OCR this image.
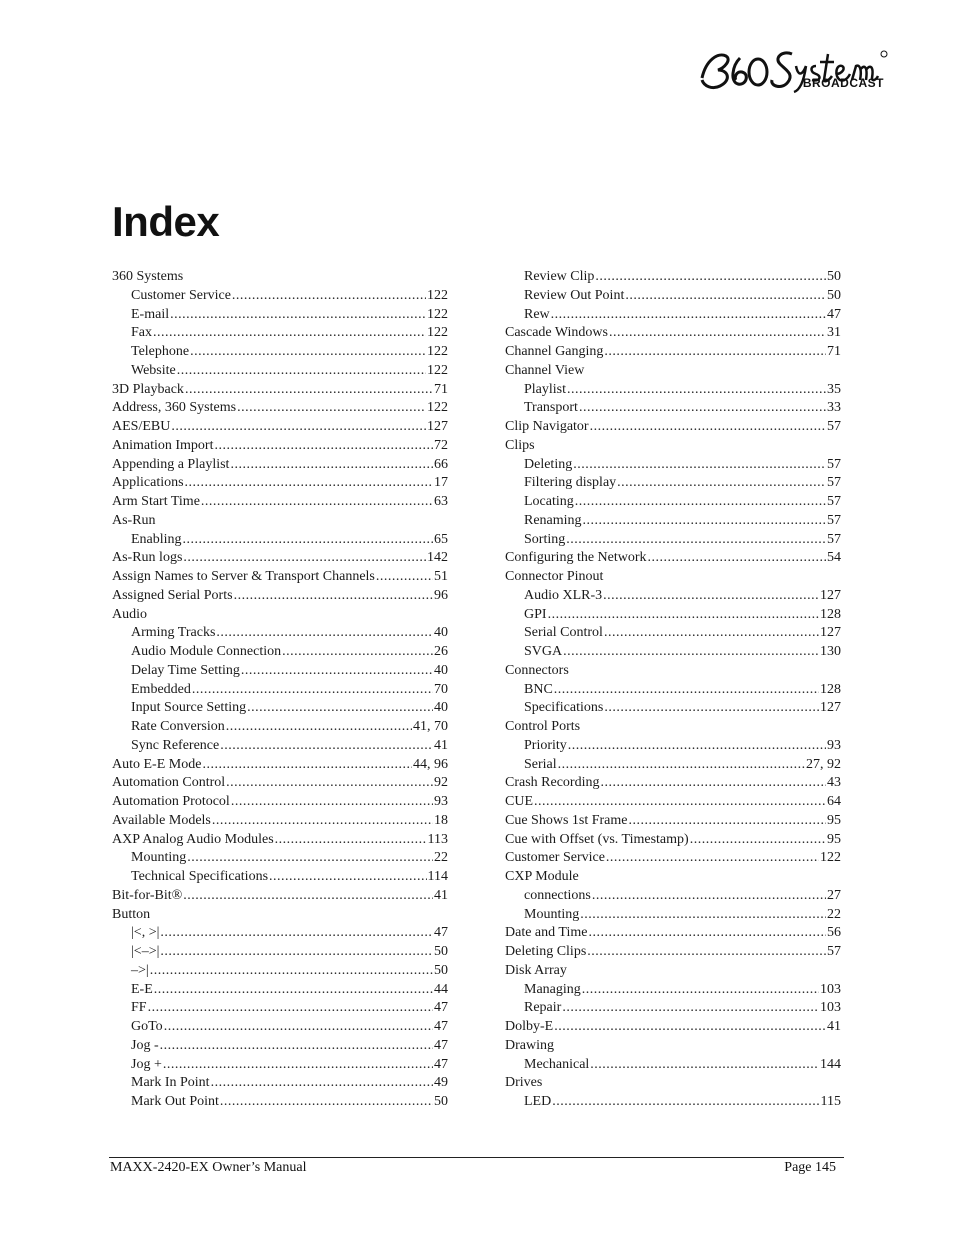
BROADCAST
Index
360 Systems
Customer Service .....	122
E-mail .....	122
Fax .....	122
Telephone .....	122
Website .....	122
3D Playback .....	71
Address, 360 Systems .....	122
AES/EBU .....	127
Animation Import .....	72
Appending a Playlist .....	66
Applications .....	17
Arm Start Time .....	63
As-Run
Enabling .....	65
As-Run logs .....	142
Assign Names to Server & Transport Channels .....	51
Assigned Serial Ports .....	96
Audio
Arming Tracks .....	40
Audio Module Connection .....	26
Delay Time Setting .....	40
Embedded .....	70
Input Source Setting .....	40
Rate Conversion .....	41, 70
Sync Reference .....	41
Auto E-E Mode .....	44, 96
Automation Control .....	92
Automation Protocol .....	93
Available Models .....	18
AXP Analog Audio Modules .....	113
Mounting .....	22
Technical Specifications .....	114
Bit-for-Bit® .....	41
Button
|<, >| .....	47
|<–>| .....	50
–>| .....	50
E-E .....	44
FF .....	47
GoTo .....	47
Jog - .....	47
Jog + .....	47
Mark In Point .....	49
Mark Out Point .....	50
Review Clip .....	50
Review Out Point .....	50
Rew .....	47
Cascade Windows .....	31
Channel Ganging .....	71
Channel View
Playlist .....	35
Transport .....	33
Clip Navigator .....	57
Clips
Deleting .....	57
Filtering display .....	57
Locating .....	57
Renaming .....	57
Sorting .....	57
Configuring the Network .....	54
Connector Pinout
Audio XLR-3 .....	127
GPI .....	128
Serial Control .....	127
SVGA .....	130
Connectors
BNC .....	128
Specifications .....	127
Control Ports
Priority .....	93
Serial .....	27, 92
Crash Recording .....	43
CUE .....	64
Cue Shows 1st Frame .....	95
Cue with Offset (vs. Timestamp) .....	95
Customer Service .....	122
CXP Module
connections .....	27
Mounting .....	22
Date and Time .....	56
Deleting Clips .....	57
Disk Array
Managing .....	103
Repair .....	103
Dolby-E .....	41
Drawing
Mechanical .....	144
Drives
LED .....	115
MAXX-2420-EX Owner’s Manual	Page 145
